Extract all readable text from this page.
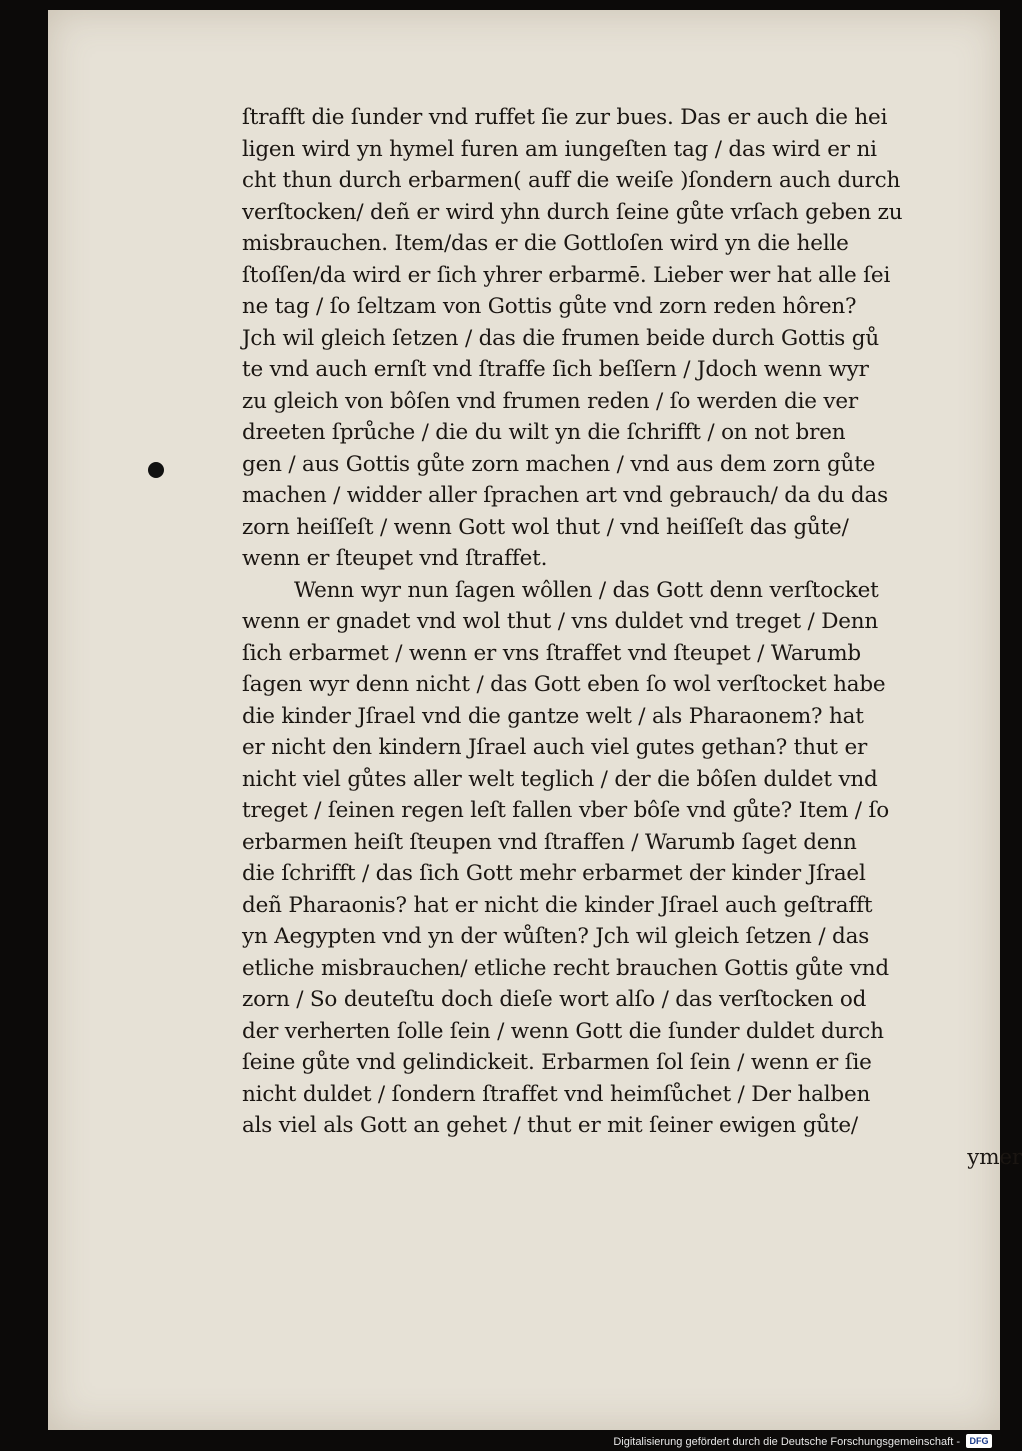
ſtrafft die ſunder vnd ruffet ſie zur bues. Das er auch die hei
ligen wird yn hymel furen am iungeſten tag / das wird er ni
cht thun durch erbarmen( auff die weiſe )ſondern auch durch
verſtocken/ deñ er wird yhn durch ſeine gůte vrſach geben zu
misbrauchen. Item/das er die Gottloſen wird yn die helle
ſtoſſen/da wird er ſich yhrer erbarmē. Lieber wer hat alle ſei
ne tag / ſo ſeltzam von Gottis gůte vnd zorn reden hôren?
Jch wil gleich ſetzen / das die frumen beide durch Gottis gů
te vnd auch ernſt vnd ſtraffe ſich beſſern / Jdoch wenn wyr
zu gleich von bôſen vnd frumen reden / ſo werden die ver
dreeten ſprůche / die du wilt yn die ſchrifft / on not bren
gen / aus Gottis gůte zorn machen / vnd aus dem zorn gůte
machen / widder aller ſprachen art vnd gebrauch/ da du das
zorn heiſſeſt / wenn Gott wol thut / vnd heiſſeſt das gůte/
wenn er ſteupet vnd ſtraffet.
Wenn wyr nun ſagen wôllen / das Gott denn verſtocket
wenn er gnadet vnd wol thut / vns duldet vnd treget / Denn
ſich erbarmet / wenn er vns ſtraffet vnd ſteupet / Warumb
ſagen wyr denn nicht / das Gott eben ſo wol verſtocket habe
die kinder Jſrael vnd die gantze welt / als Pharaonem? hat
er nicht den kindern Jſrael auch viel gutes gethan? thut er
nicht viel gůtes aller welt teglich / der die bôſen duldet vnd
treget / ſeinen regen leſt fallen vber bôſe vnd gůte? Item / ſo
erbarmen heiſt ſteupen vnd ſtraffen / Warumb ſaget denn
die ſchrifft / das ſich Gott mehr erbarmet der kinder Jſrael
deñ Pharaonis? hat er nicht die kinder Jſrael auch geſtrafft
yn Aegypten vnd yn der wůſten? Jch wil gleich ſetzen / das
etliche misbrauchen/ etliche recht brauchen Gottis gůte vnd
zorn / So deuteſtu doch dieſe wort alſo / das verſtocken od
der verherten ſolle ſein / wenn Gott die ſunder duldet durch
ſeine gůte vnd gelindickeit. Erbarmen ſol ſein / wenn er ſie
nicht duldet / ſondern ſtraffet vnd heimſůchet / Der halben
als viel als Gott an gehet / thut er mit ſeiner ewigen gůte/
ymer
Digitalisierung gefördert durch die Deutsche Forschungsgemeinschaft -	DFG
